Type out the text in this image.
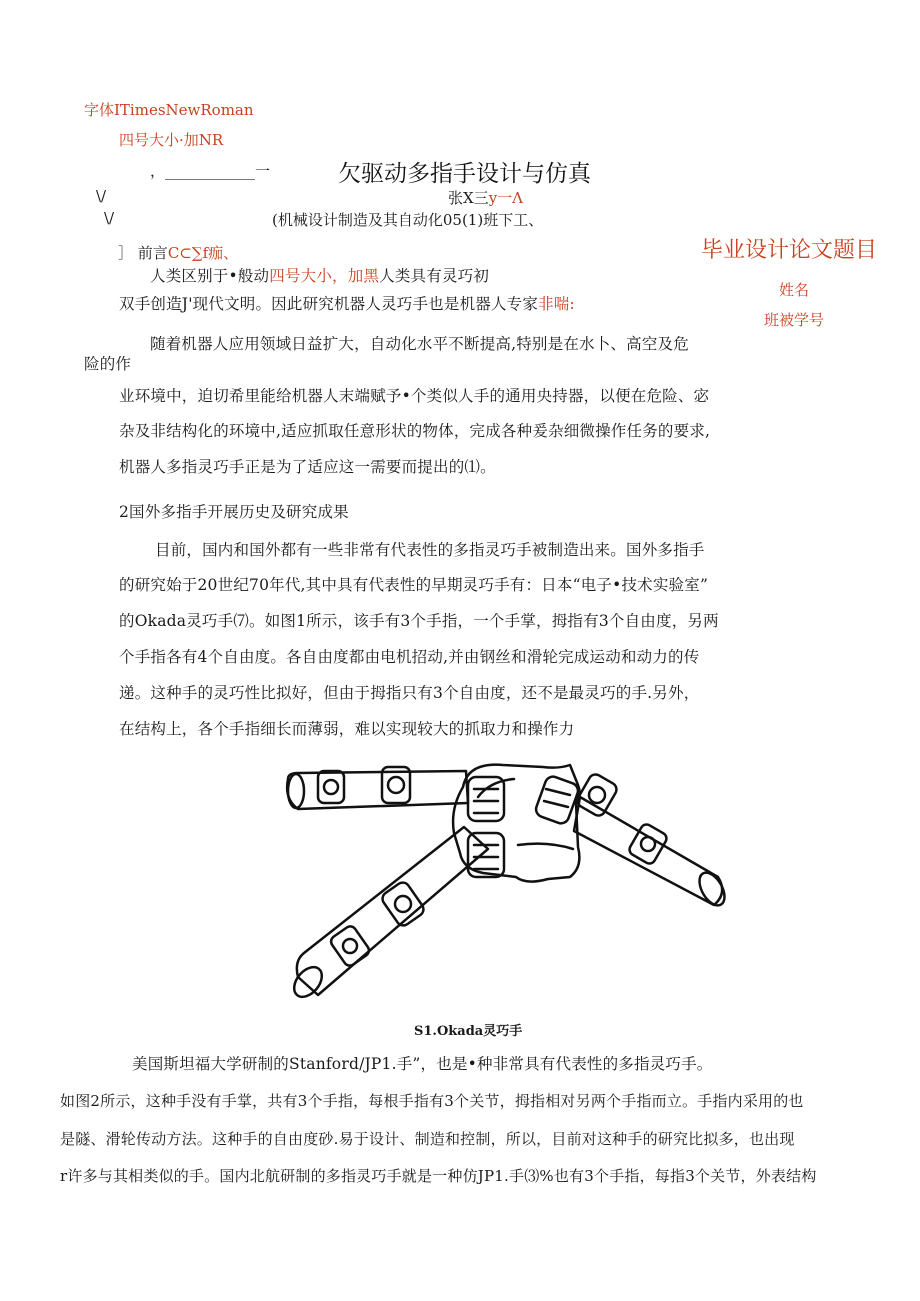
字体ITimesNewRoman
四号大小·加NR
，____________一	欠驱动多指手设计与仿真
\/	张X三y一Λ
\/	(机械设计制造及其自动化05(1)班下工、
］ 前言C⊂∑f痂、	毕业设计论文题目
姓名
班被学号
人类区别于•般动四号大小，加黑人类具有灵巧初
双手创造J'现代文明。因此研究机器人灵巧手也是机器人专家非喘:
随着机器人应用领域日益扩大，自动化水平不断提高,特别是在水卜、高空及危
险的作
业环境中，迫切希里能给机器人末端赋予•个类似人手的通用央持器，以便在危险、宓
杂及非结构化的环境中,适应抓取任意形状的物体，完成各种爰杂细微操作任务的要求,
机器人多指灵巧手正是为了适应这一需要而提出的⑴。
2国外多指手开展历史及研究成果
目前，国内和国外都有一些非常有代表性的多指灵巧手被制造出来。国外多指手
的研究始于20世纪70年代,其中具有代表性的早期灵巧手有：日本“电子•技术实验室”
的Okada灵巧手⑺。如图1所示，该手有3个手指，一个手掌，拇指有3个自由度，另两
个手指各有4个自由度。各自由度都由电机招动,并由钢丝和滑轮完成运动和动力的传
递。这种手的灵巧性比拟好，但由于拇指只有3个自由度，还不是最灵巧的手.另外，
在结构上，各个手指细长而薄弱，难以实现较大的抓取力和操作力
S1.Okada灵巧手
美国斯坦福大学研制的Stanford/JP1.手”，也是•种非常具有代表性的多指灵巧手。
如图2所示，这种手没有手掌，共有3个手指，每根手指有3个关节，拇指相对另两个手指而立。手指内采用的也
是隧、滑轮传动方法。这种手的自由度砂.易于设计、制造和控制，所以，目前对这种手的研究比拟多，也出现
r许多与其相类似的手。国内北航研制的多指灵巧手就是一种仿JP1.手⑶%也有3个手指，每指3个关节，外表结构
